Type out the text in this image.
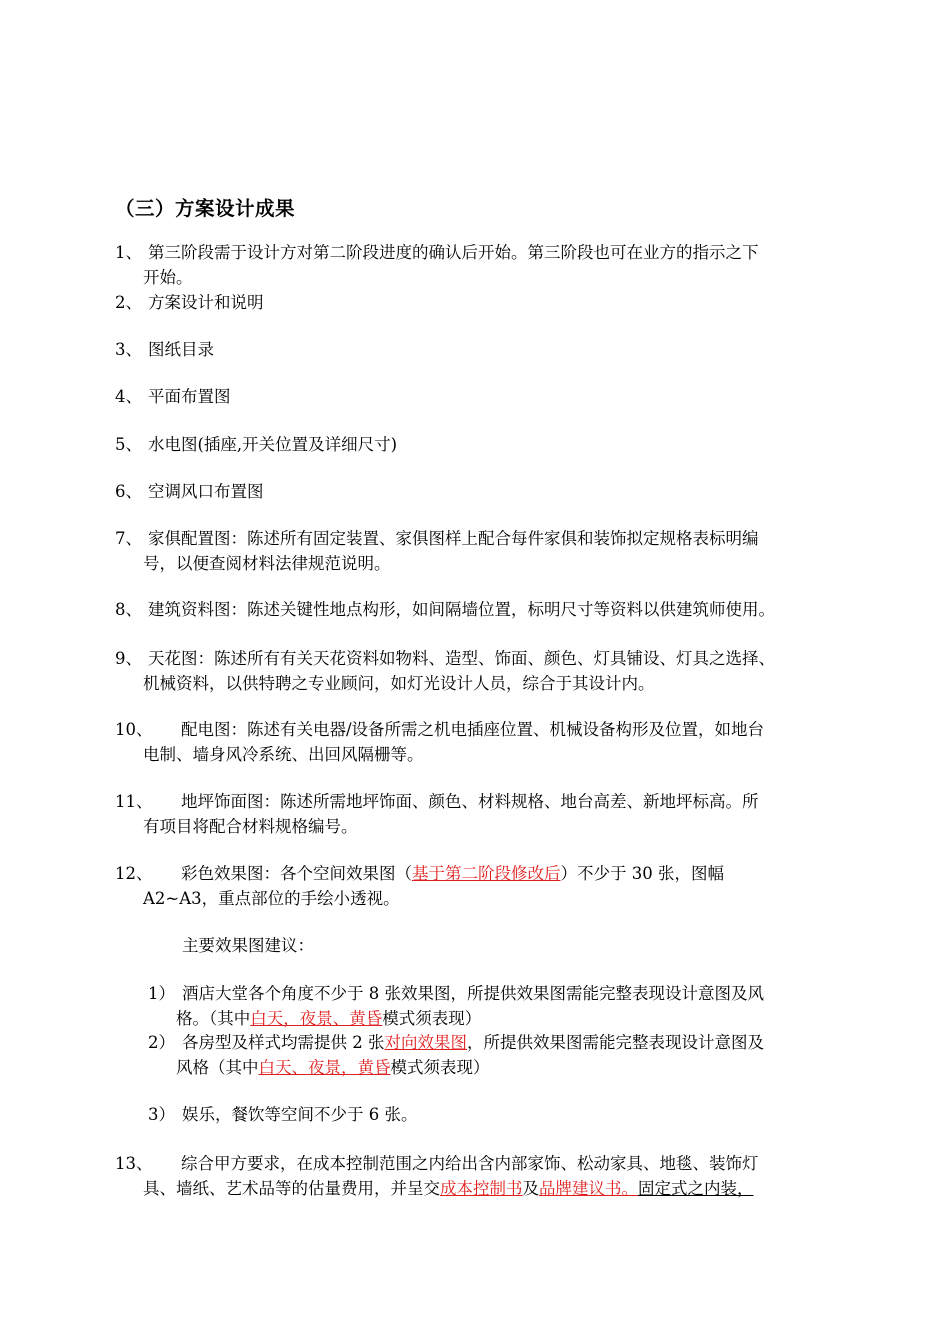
（三）方案设计成果
1、 第三阶段需于设计方对第二阶段进度的确认后开始。第三阶段也可在业方的指示之下
开始。
2、 方案设计和说明
3、 图纸目录
4、 平面布置图
5、 水电图(插座,开关位置及详细尺寸)
6、 空调风口布置图
7、 家俱配置图：陈述所有固定装置、家俱图样上配合每件家俱和装饰拟定规格表标明编
号，以便查阅材料法律规范说明。
8、 建筑资料图：陈述关键性地点构形，如间隔墙位置，标明尺寸等资料以供建筑师使用。
9、 天花图：陈述所有有关天花资料如物料、造型、饰面、颜色、灯具铺设、灯具之选择、
机械资料，以供特聘之专业顾问，如灯光设计人员，综合于其设计内。
10、 配电图：陈述有关电器/设备所需之机电插座位置、机械设备构形及位置，如地台
电制、墙身风冷系统、出回风隔栅等。
11、 地坪饰面图：陈述所需地坪饰面、颜色、材料规格、地台高差、新地坪标高。所
有项目将配合材料规格编号。
12、 彩色效果图：各个空间效果图（基于第二阶段修改后）不少于 30 张，图幅
A2~A3，重点部位的手绘小透视。
主要效果图建议：
1） 酒店大堂各个角度不少于 8 张效果图，所提供效果图需能完整表现设计意图及风
格。（其中白天，夜景、黄昏模式须表现）
2） 各房型及样式均需提供 2 张对向效果图，所提供效果图需能完整表现设计意图及
风格（其中白天、夜景，黄昏模式须表现）
3） 娱乐，餐饮等空间不少于 6 张。
13、 综合甲方要求，在成本控制范围之内给出含内部家饰、松动家具、地毯、装饰灯
具、墙纸、艺术品等的估量费用，并呈交成本控制书及品牌建议书。固定式之内装，
